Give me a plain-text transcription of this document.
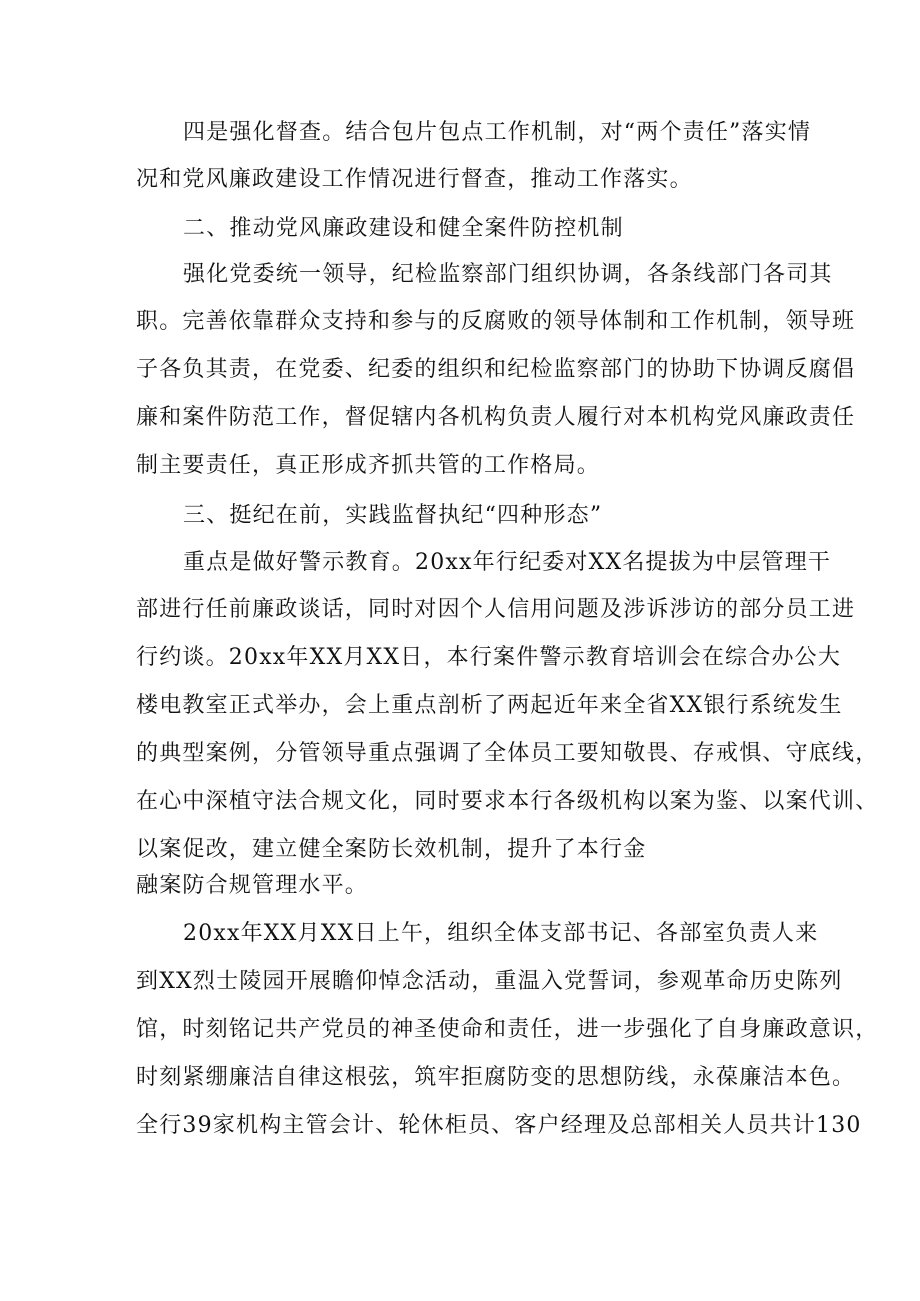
四是强化督查。结合包片包点工作机制，对“两个责任”落实情
况和党风廉政建设工作情况进行督查，推动工作落实。
二、推动党风廉政建设和健全案件防控机制
强化党委统一领导，纪检监察部门组织协调，各条线部门各司其
职。完善依靠群众支持和参与的反腐败的领导体制和工作机制，领导班
子各负其责，在党委、纪委的组织和纪检监察部门的协助下协调反腐倡
廉和案件防范工作，督促辖内各机构负责人履行对本机构党风廉政责任
制主要责任，真正形成齐抓共管的工作格局。
三、挺纪在前，实践监督执纪“四种形态”
重点是做好警示教育。20xx年行纪委对XX名提拔为中层管理干
部进行任前廉政谈话，同时对因个人信用问题及涉诉涉访的部分员工进
行约谈。20xx年XX月XX日，本行案件警示教育培训会在综合办公大
楼电教室正式举办，会上重点剖析了两起近年来全省XX银行系统发生
的典型案例，分管领导重点强调了全体员工要知敬畏、存戒惧、守底线，
在心中深植守法合规文化，同时要求本行各级机构以案为鉴、以案代训、
以案促改，建立健全案防长效机制，提升了本行金
融案防合规管理水平。
20xx年XX月XX日上午，组织全体支部书记、各部室负责人来
到XX烈士陵园开展瞻仰悼念活动，重温入党誓词，参观革命历史陈列
馆，时刻铭记共产党员的神圣使命和责任，进一步强化了自身廉政意识，
时刻紧绷廉洁自律这根弦，筑牢拒腐防变的思想防线，永葆廉洁本色。
全行39家机构主管会计、轮休柜员、客户经理及总部相关人员共计130
